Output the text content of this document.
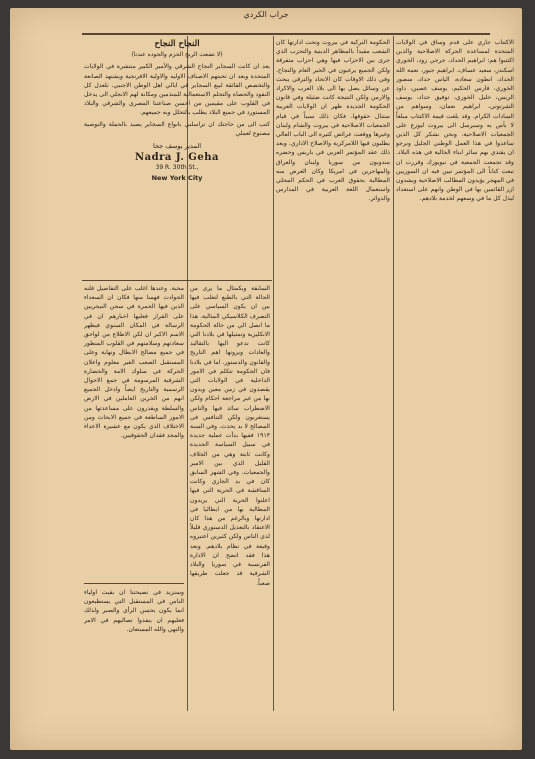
جراب الكردي
النجاح النجاح
(لا تضعت الربح الحزم والجوده عندنا)

بعد ان كانت السجاير النجاح الشرقي والأمير الكبير منتشرة في الولايات المتحدة وبعد ان تحبتهم الاصناف الاوليه والاولية الافرنجية ويشتهد الصانعة والتخصص الفائقة لبيع السجاير في ابالي اهل الوطن الاجنبي. تلعدل كل النقود والحصاة والتحلم الاستعمالية للمتذمين ومكانة لهم الانجلي الى يدخل في القلوب على مقيمين من احسن صناعتنا المصري والشرقي والبلاد المستورد في جميع البلاد يطلب بالتخلل وبه جميعهم.

كتب الى من حاجتك ان تراسلني بانواع السجاير يصيد بالحملة والتوصية مصنوع لعملي

المدير يوسف جحا
Nadra J. Geha
39 R. 30th St.,
New York City

محبة. وعندها اغلب على التفاصيل فلنه الحوادث فهمنا منها فكان ان السعداء الذين فيها الحمرة في سجن النيجريين على القرار فعليها اخبارهم ان في الرسالة في المكان السنوي فيظهر الاسم الاكبر ان لكن الاطلاع من لواحق سعادتهم وسلامتهم في القلوب المنظور في جميع مصالح الابطال ونهاية وعلى المستقبل الصعب الغير معلوم واعلان الحركة في سلوك الامة والحضارة الشرقية المرسومة في جمع الاحوال الرسمية والتاريخ ايضاً وادخل الجميع انهم من الخرين العاملين في الارض والسلطة ويقدرون على مساعدتها من الامور الساطعة في جميع الابحاث ومن الاختلاف الذي يكون مع عشيرة الاعداء والمجد فقدان الحقوقيين.

وسنزيد في نصيحتنا ان بقيت اولياء الناس في المستقبل التي يستطيعون انما يكون بحسن الرأي والصبر ولذلك فعليهم ان ينفذوا تصاليهم في الامر والنهي والله المستعان.

السابقة وبكمثال ما يرى من الحالة التي بالطبع لتغلب فيها بين ان يكون السياسي على التصرف الكلاسيكي المثالية. هذا ما انصل الي من حالة الحكومة الانكليزية وتمثيلها في بلادنا التي كانت تدعو اليها بالتقاليد والعادات ويرونها اهم التاريخ والقانون والدستور. اما في بلادنا فان الحكومة تتكلم في الامور الداخلية في الولايات التي يقصدون في زمن معين ويدون بها من غير مراجعة احكام ولكن الاضطراب سائد فيها والناس يستغربون ولكن التنافس في المصالح لا بد يحدث. وفي السنة ١٩١٣ ففيها بدأت عملية جديدة في سبيل السياسة الجديدة وكانت ثابتة وهي من الخلاف القليل الذي بين الامير والجمعيات. وفي الشهر السابق كان في يد الجاري وكانت المناقشة في الحرية التي فيها اعلنوا الحرية التي يريدون المطالبة بها من ايطاليا في ادارتها وبالرغم من هذا كان الاعتقاد بالتعديل الدستوري قليلاً لدى الناس ولكن كثيرين اعتبروه وقيعة في نظام بلادهم. وبعد هذا فقد اتضح ان الادارة الفرنسية في سوريا والبلاد الشرقية قد جعلت طريقها صعباً.

الحكومة التركية في بيروت وتحت ادارتها كان الشعب مقيداً بالمظاهر الدينية والتحزب الذي جرى بين الاحزاب فيها وهي احزاب متفرقة ولكن الجميع يرغبون في الخير العام والنجاح. وفي ذلك الاوقات كان الاتحاد والترقي يبحث عن وسائل يصل بها الى بلاد العرب والاكراد والارمن ولكن النتيجة كانت ضئيلة وفي قانون الحكومة الجديدة ظهر ان الولايات العربية ستنال حقوقها. فكان ذلك سبباً في قيام الجمعيات الاصلاحية في بيروت والشام ولبنان وغيرها ووقعت عرائض كثيرة الى الباب العالي يطلبون فيها اللامركزية والاصلاح الاداري. وبعد ذلك عقد المؤتمر العربي في باريس وحضره مندوبون من سوريا ولبنان والعراق والمهاجرين في امريكا وكان الغرض منه المطالبة بحقوق العرب في الحكم المحلي واستعمال اللغة العربية في المدارس والدوائر.

الاكتتاب جاري على قدم وساق في الولايات المتحدة لمساعدة الحركة الاصلاحية والذين اكتتبوا هم: ابراهيم الحداد، جرجي زود، الخوري اسكندر، سعيد عساف، ابراهيم جبور، نعمة الله الحداد، انطون سعادة، الياس حداد، منصور الخوري، فارس الحكيم، يوسف غصين، داود الريس، خليل الخوري، توفيق حداد، يوسف الشرتوني، ابراهيم نعمان، وسواهم من السادات الكرام. وقد بلغت قيمة الاكتتاب مبلغاً لا بأس به وسيرسل الى بيروت ليوزع على الجمعيات الاصلاحية. ونحن نشكر كل الذين ساعدوا في هذا العمل الوطني الجليل ونرجو ان يقتدي بهم سائر ابناء الجالية في هذه البلاد. وقد تجمعت الجمعية في نيويورك وقررت ان تبعث كتاباً الى المؤتمر تبين فيه ان السوريين في المهجر يؤيدون المطالب الاصلاحية ويشدون ازر القائمين بها في الوطن وانهم على استعداد لبذل كل ما في وسعهم لخدمة بلادهم.
